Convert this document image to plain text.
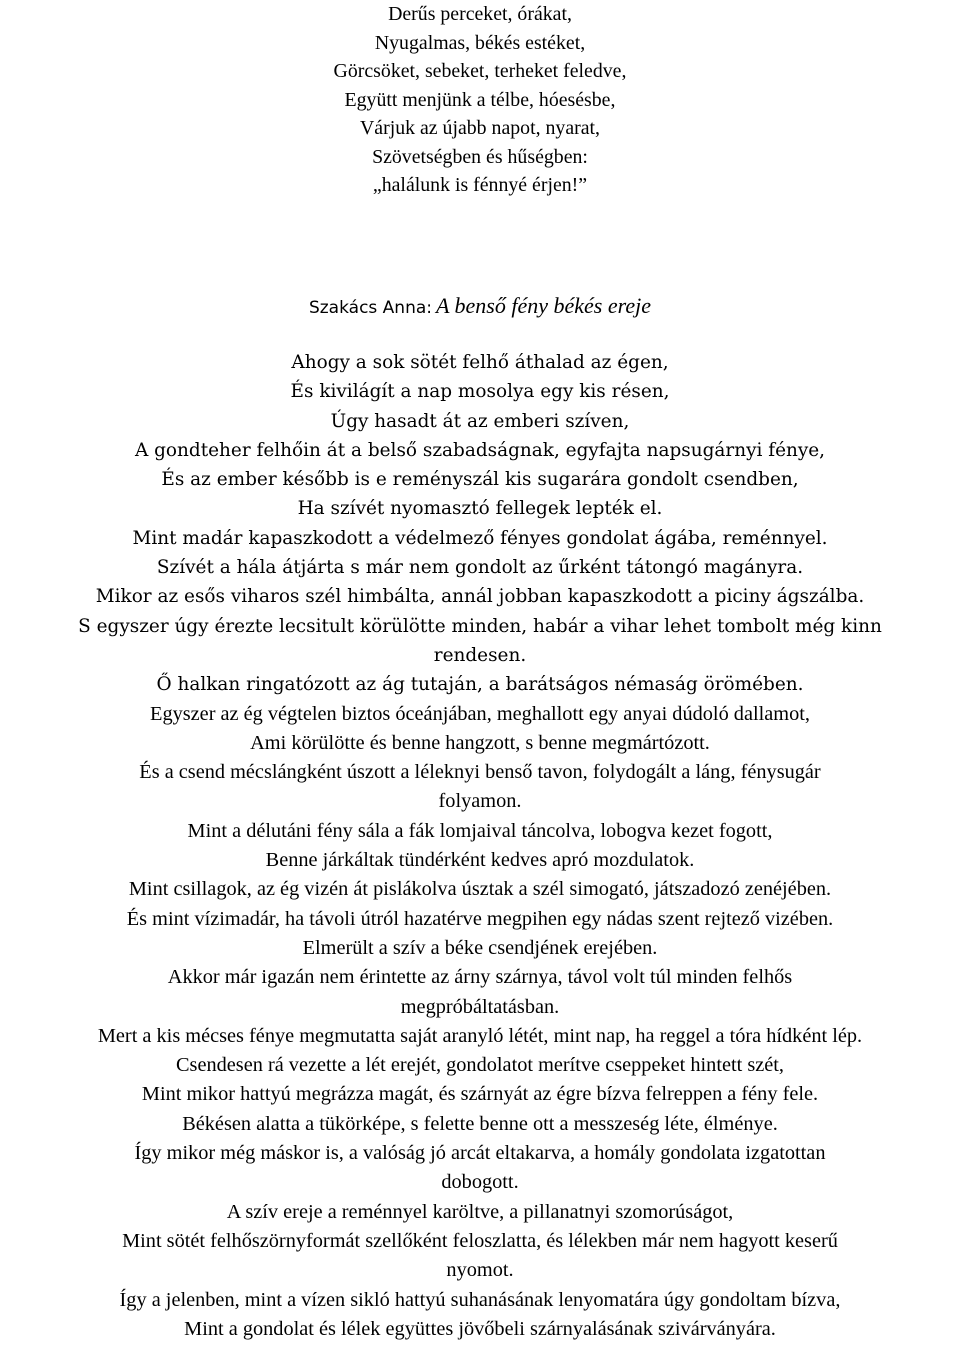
Derűs perceket, órákat,
Nyugalmas, békés estéket,
Görcsöket, sebeket, terheket feledve,
Együtt menjünk a télbe, hóesésbe,
Várjuk az újabb napot, nyarat,
Szövetségben és hűségben:
„halálunk is fénnyé érjen!”
Szakács Anna: A benső fény békés ereje
Ahogy a sok sötét felhő áthalad az égen,
És kivilágít a nap mosolya egy kis résen,
Úgy hasadt át az emberi szíven,
A gondteher felhőin át a belső szabadságnak, egyfajta napsugárnyi fénye,
És az ember később is e reményszál kis sugarára gondolt csendben,
Ha szívét nyomasztó fellegek lepték el.
Mint madár kapaszkodott a védelmező fényes gondolat ágába, reménnyel.
Szívét a hála átjárta s már nem gondolt az űrként tátongó magányra.
Mikor az esős viharos szél himbálta, annál jobban kapaszkodott a piciny ágszálba.
S egyszer úgy érezte lecsitult körülötte minden, habár a vihar lehet tombolt még kinn
rendesen.
Ő halkan ringatózott az ág tutaján, a barátságos némaság örömében.
Egyszer az ég végtelen biztos óceánjában, meghallott egy anyai dúdoló dallamot,
Ami körülötte és benne hangzott, s benne megmártózott.
És a csend mécslángként úszott a léleknyi benső tavon, folydogált a láng, fénysugár
folyamon.
Mint a délutáni fény sála a fák lomjaival táncolva, lobogva kezet fogott,
Benne járkáltak tündérként kedves apró mozdulatok.
Mint csillagok, az ég vizén át pislákolva úsztak a szél simogató, játszadozó zenéjében.
És mint vízimadár, ha távoli útról hazatérve megpihen egy nádas szent rejtező vizében.
Elmerült a szív a béke csendjének erejében.
Akkor már igazán nem érintette az árny szárnya, távol volt túl minden felhős
megpróbáltatásban.
Mert a kis mécses fénye megmutatta saját aranyló létét, mint nap, ha reggel a tóra hídként lép.
Csendesen rá vezette a lét erejét, gondolatot merítve cseppeket hintett szét,
Mint mikor hattyú megrázza magát, és szárnyát az égre bízva felreppen a fény fele.
Békésen alatta a tükörképe, s felette benne ott a messzeség léte, élménye.
Így mikor még máskor is, a valóság jó arcát eltakarva, a homály gondolata izgatottan
dobogott.
A szív ereje a reménnyel karöltve, a pillanatnyi szomorúságot,
Mint sötét felhőszörnyformát szellőként feloszlatta, és lélekben már nem hagyott keserű
nyomot.
Így a jelenben, mint a vízen sikló hattyú suhanásának lenyomatára úgy gondoltam bízva,
Mint a gondolat és lélek együttes jövőbeli szárnyalásának szivárványára.
